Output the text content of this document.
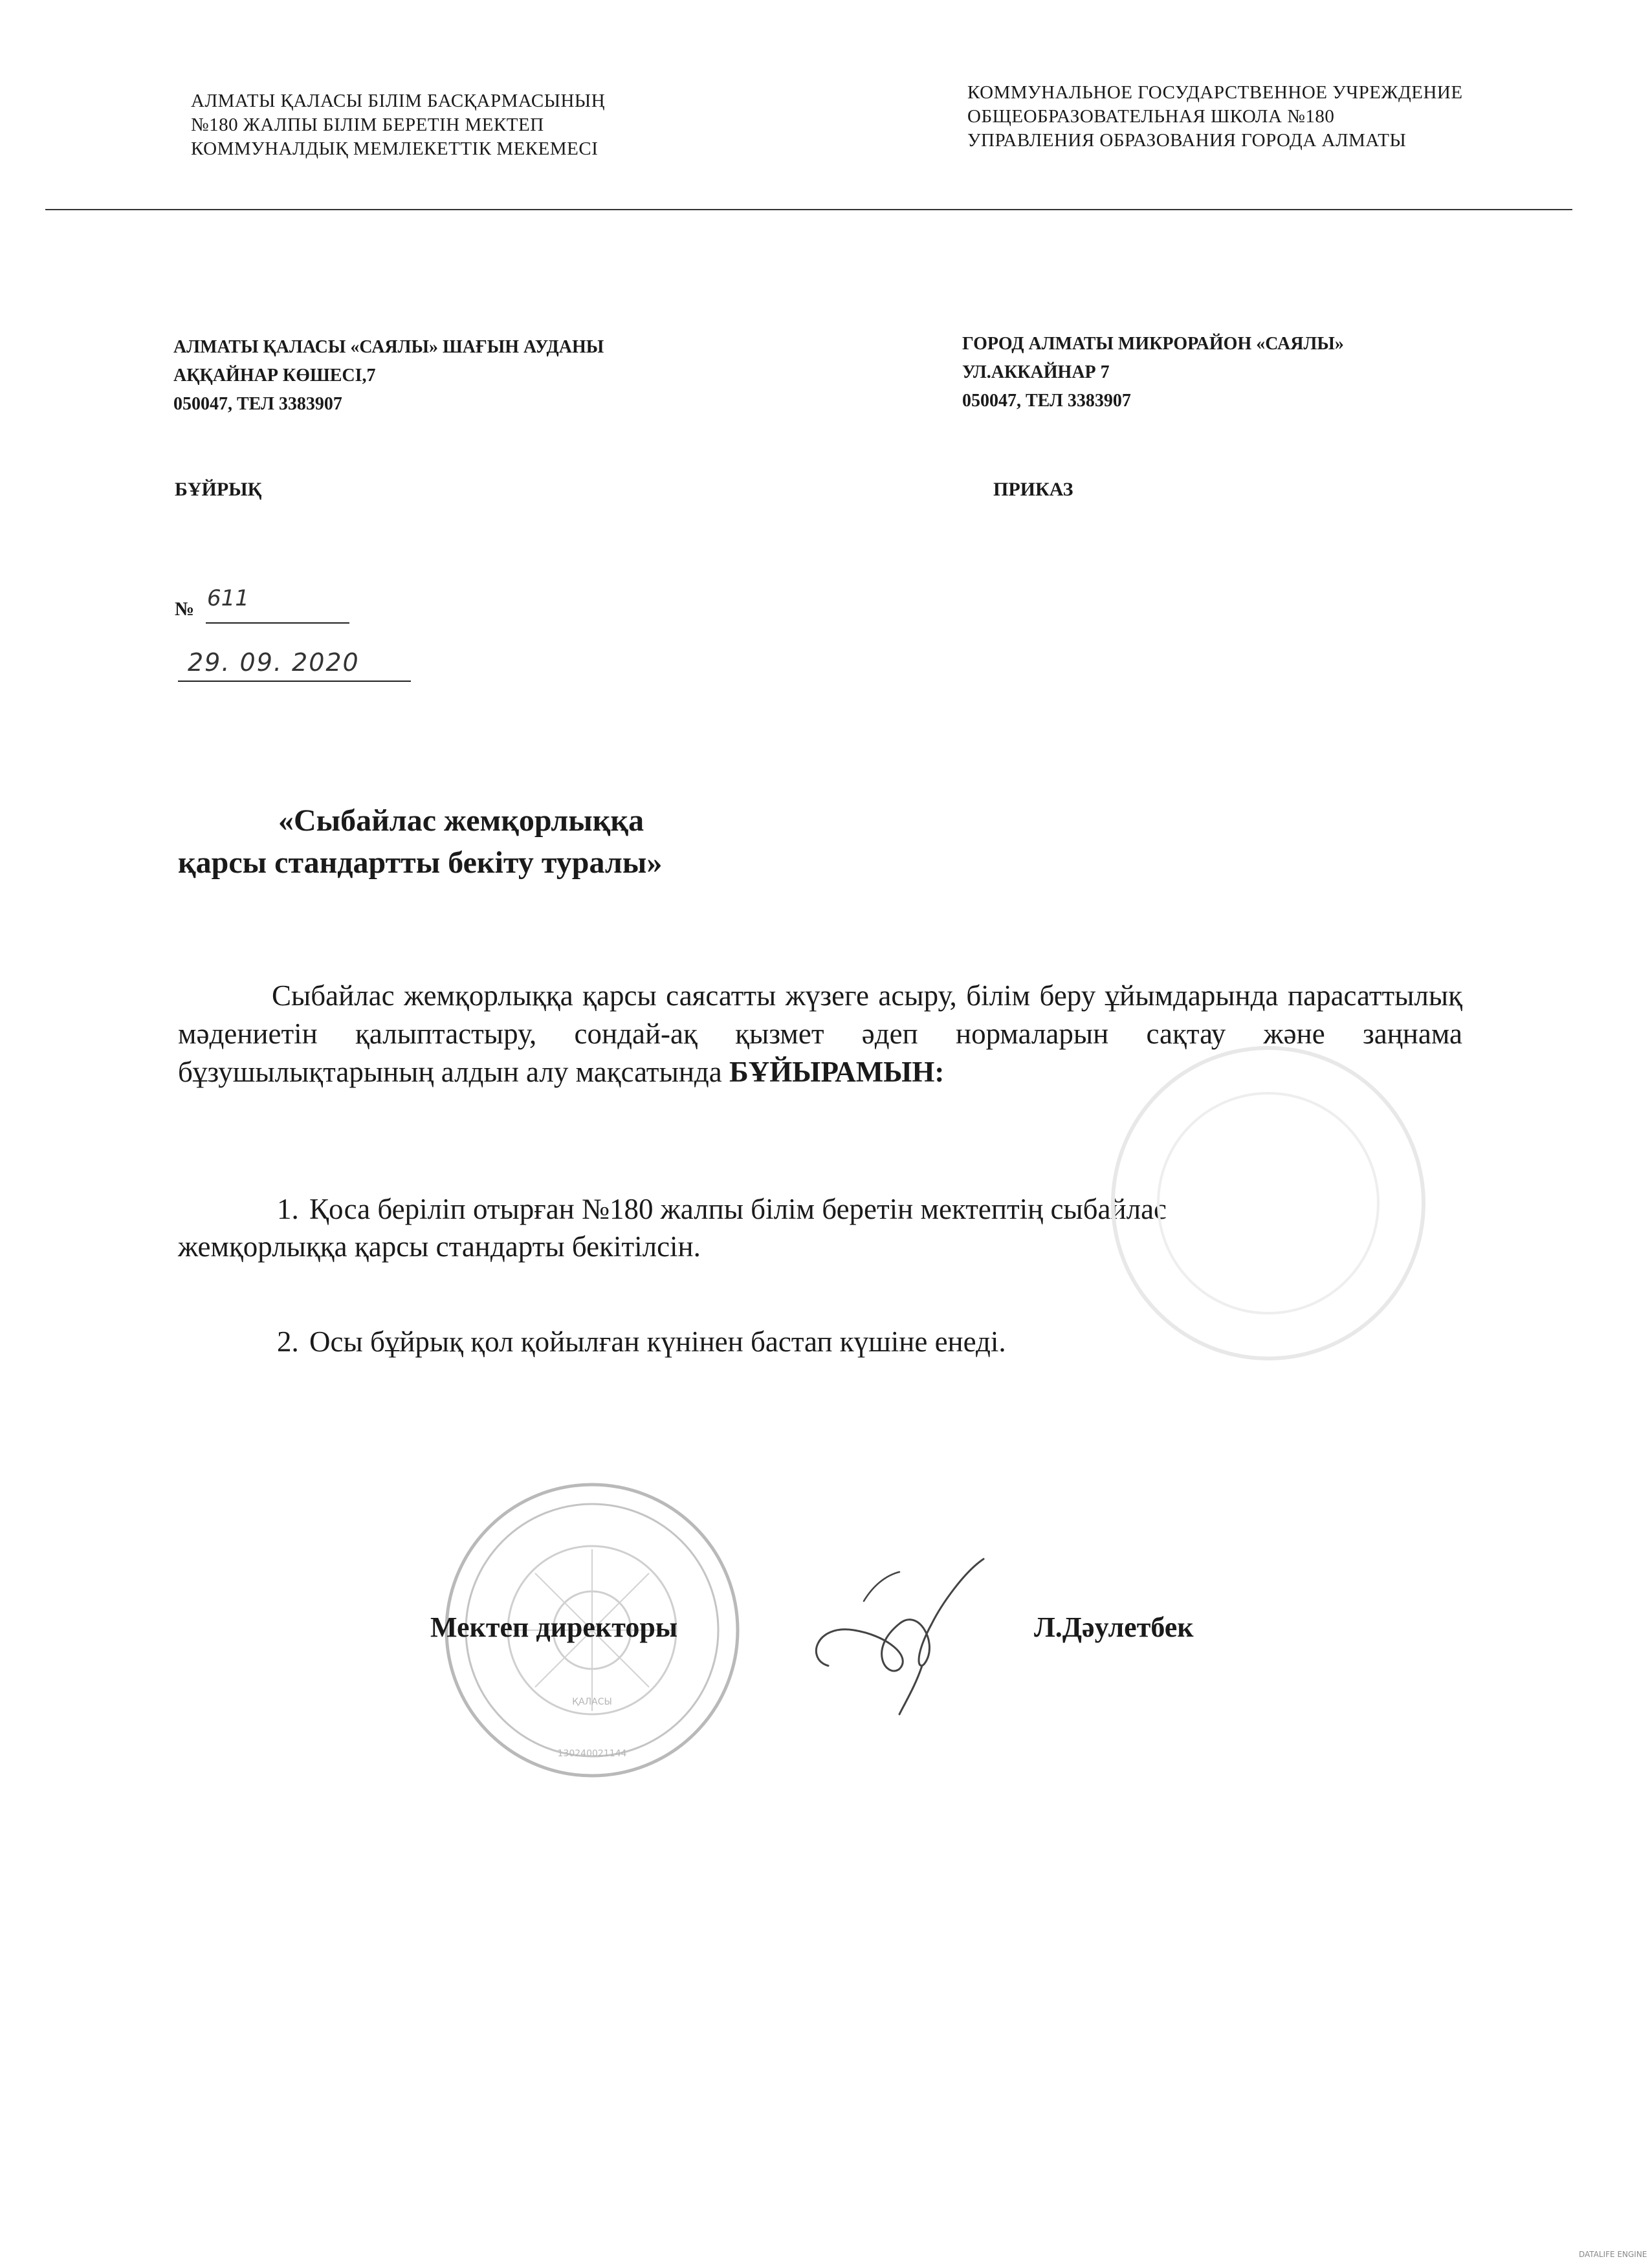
АЛМАТЫ ҚАЛАСЫ БІЛІМ БАСҚАРМАСЫНЫҢ
№180 ЖАЛПЫ БІЛІМ БЕРЕТІН МЕКТЕП
КОММУНАЛДЫҚ МЕМЛЕКЕТТІК МЕКЕМЕСІ
КОММУНАЛЬНОЕ ГОСУДАРСТВЕННОЕ УЧРЕЖДЕНИЕ
ОБЩЕОБРАЗОВАТЕЛЬНАЯ ШКОЛА №180
УПРАВЛЕНИЯ ОБРАЗОВАНИЯ ГОРОДА АЛМАТЫ
АЛМАТЫ ҚАЛАСЫ «САЯЛЫ» ШАҒЫН АУДАНЫ
АҚҚАЙНАР КӨШЕСІ,7
050047, ТЕЛ 3383907
ГОРОД АЛМАТЫ МИКРОРАЙОН «САЯЛЫ»
УЛ.АККАЙНАР 7
050047, ТЕЛ 3383907
БҰЙРЫҚ	ПРИКАЗ
№ 611
29. 09. 2020
«Сыбайлас жемқорлыққа
қарсы стандартты бекіту туралы»
Сыбайлас жемқорлыққа қарсы саясатты жүзеге асыру, білім беру ұйымдарында парасаттылық мәдениетін қалыптастыру, сондай-ақ қызмет әдеп нормаларын сақтау және заңнама бұзушылықтарының алдын алу мақсатында БҰЙЫРАМЫН:
1. Қоса беріліп отырған №180 жалпы білім беретін мектептің сыбайлас
жемқорлыққа қарсы стандарты бекітілсін.
2. Осы бұйрық қол қойылған күнінен бастап күшіне енеді.
ҚАЛАСЫ
130240021144
Мектеп директоры	Л.Дәулетбек
DATALIFE ENGINE
